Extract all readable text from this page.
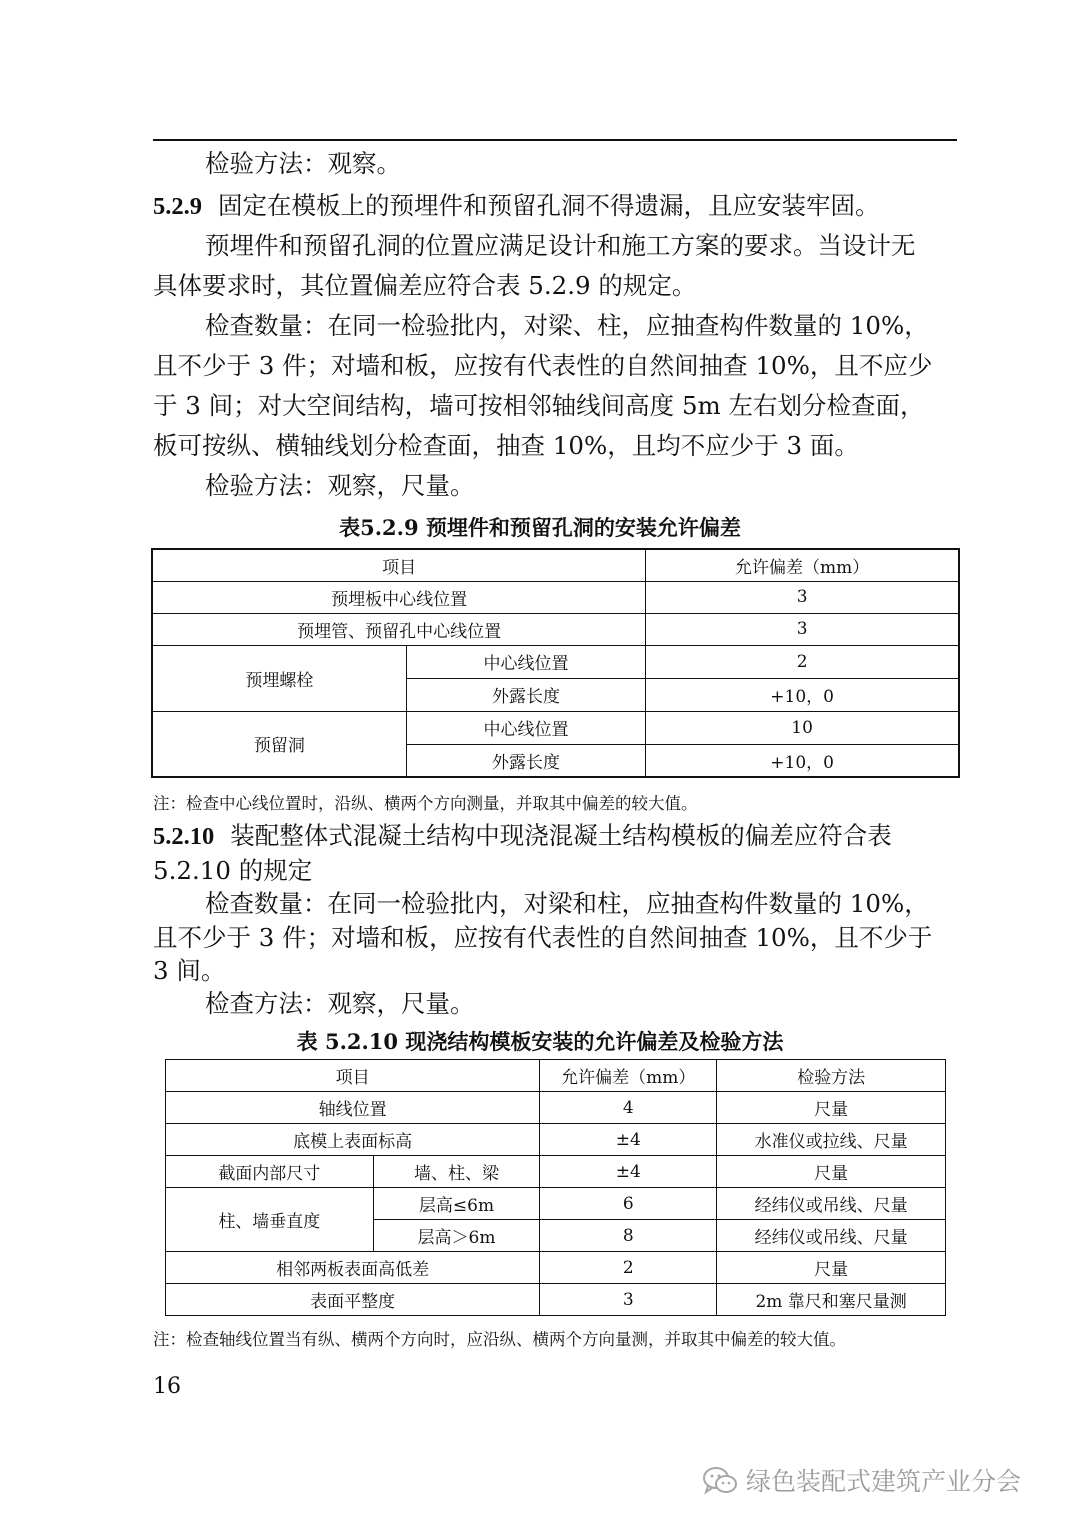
检验方法：观察。
5.2.9 固定在模板上的预埋件和预留孔洞不得遗漏，且应安装牢固。
预埋件和预留孔洞的位置应满足设计和施工方案的要求。当设计无
具体要求时，其位置偏差应符合表 5.2.9 的规定。
检查数量：在同一检验批内，对梁、柱，应抽查构件数量的 10%，
且不少于 3 件；对墙和板，应按有代表性的自然间抽查 10%，且不应少
于 3 间；对大空间结构，墙可按相邻轴线间高度 5m 左右划分检查面，
板可按纵、横轴线划分检查面，抽查 10%，且均不应少于 3 面。
检验方法：观察，尺量。
表5.2.9 预埋件和预留孔洞的安装允许偏差
项目		允许偏差（mm）
预埋板中心线位置		3
预埋管、预留孔中心线位置		3
预埋螺栓	中心线位置	2
	外露长度	+10，0
预留洞	中心线位置	10
	外露长度	+10，0
注：检查中心线位置时，沿纵、横两个方向测量，并取其中偏差的较大值。
5.2.10 装配整体式混凝土结构中现浇混凝土结构模板的偏差应符合表
5.2.10 的规定
检查数量：在同一检验批内，对梁和柱，应抽查构件数量的 10%，
且不少于 3 件；对墙和板，应按有代表性的自然间抽查 10%，且不少于
3 间。
检查方法：观察，尺量。
表 5.2.10 现浇结构模板安装的允许偏差及检验方法
项目		允许偏差（mm）	检验方法
轴线位置		4	尺量
底模上表面标高		±4	水准仪或拉线、尺量
截面内部尺寸	墙、柱、梁	±4	尺量
柱、墙垂直度	层高≤6m	6	经纬仪或吊线、尺量
	层高＞6m	8	经纬仪或吊线、尺量
相邻两板表面高低差		2	尺量
表面平整度		3	2m 靠尺和塞尺量测
注：检查轴线位置当有纵、横两个方向时，应沿纵、横两个方向量测，并取其中偏差的较大值。
16
绿色装配式建筑产业分会
